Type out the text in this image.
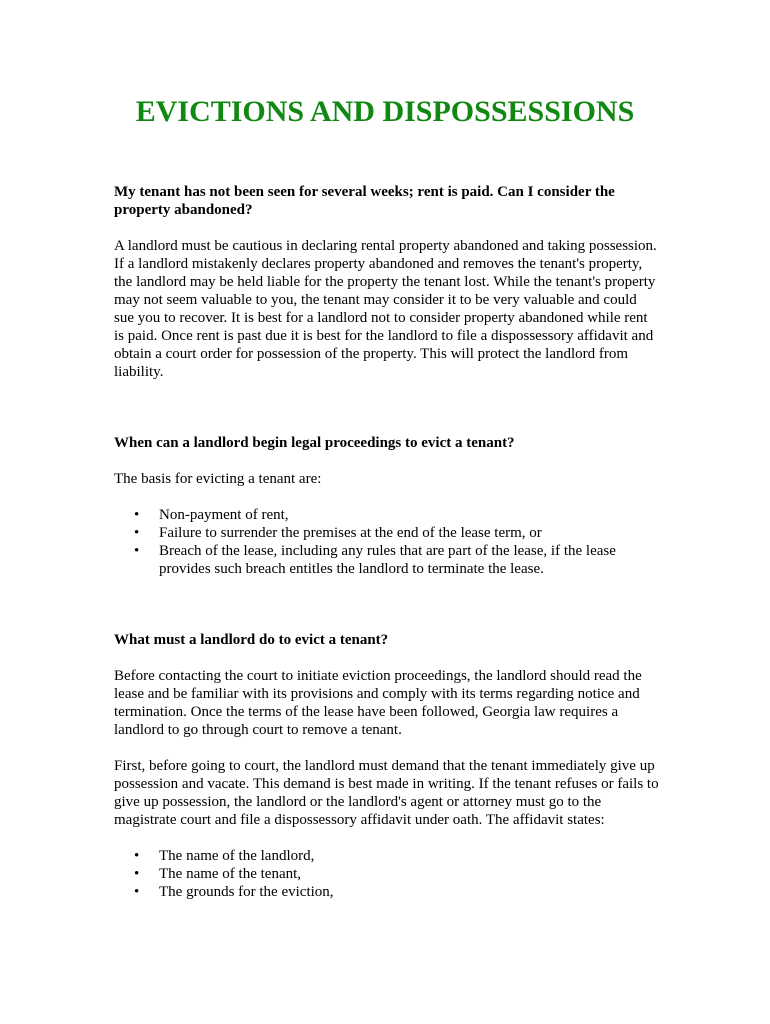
EVICTIONS AND DISPOSSESSIONS

My tenant has not been seen for several weeks; rent is paid. Can I consider the property abandoned?

A landlord must be cautious in declaring rental property abandoned and taking possession. If a landlord mistakenly declares property abandoned and removes the tenant's property, the landlord may be held liable for the property the tenant lost. While the tenant's property may not seem valuable to you, the tenant may consider it to be very valuable and could sue you to recover. It is best for a landlord not to consider property abandoned while rent is paid. Once rent is past due it is best for the landlord to file a dispossessory affidavit and obtain a court order for possession of the property. This will protect the landlord from liability.

When can a landlord begin legal proceedings to evict a tenant?

The basis for evicting a tenant are:

• Non-payment of rent,
• Failure to surrender the premises at the end of the lease term, or
• Breach of the lease, including any rules that are part of the lease, if the lease provides such breach entitles the landlord to terminate the lease.

What must a landlord do to evict a tenant?

Before contacting the court to initiate eviction proceedings, the landlord should read the lease and be familiar with its provisions and comply with its terms regarding notice and termination. Once the terms of the lease have been followed, Georgia law requires a landlord to go through court to remove a tenant.

First, before going to court, the landlord must demand that the tenant immediately give up possession and vacate. This demand is best made in writing. If the tenant refuses or fails to give up possession, the landlord or the landlord's agent or attorney must go to the magistrate court and file a dispossessory affidavit under oath. The affidavit states:

• The name of the landlord,
• The name of the tenant,
• The grounds for the eviction,
